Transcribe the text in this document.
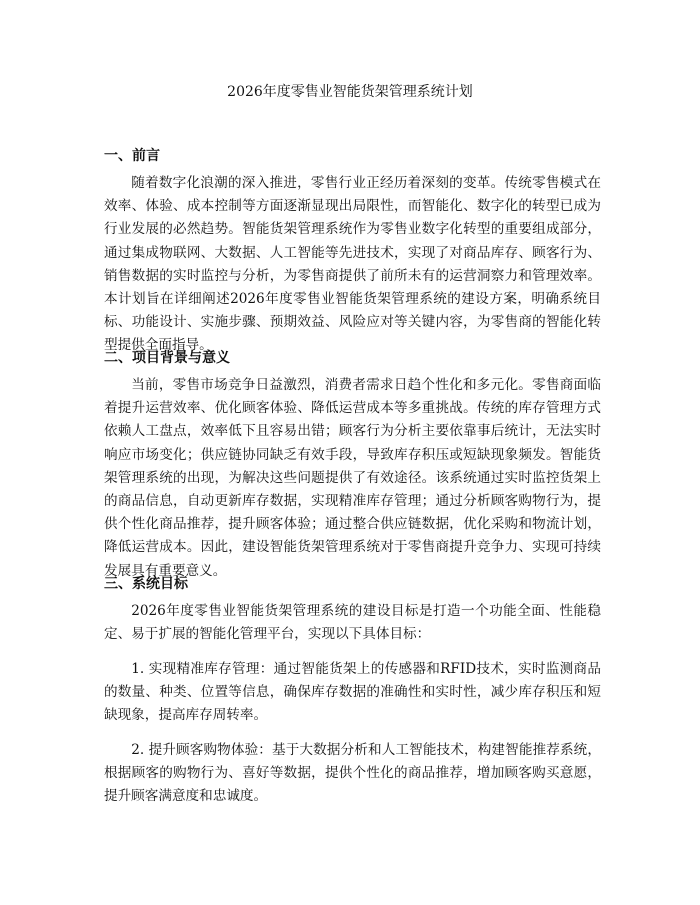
2026年度零售业智能货架管理系统计划
一、前言

随着数字化浪潮的深入推进，零售行业正经历着深刻的变革。传统零售模式在效率、体验、成本控制等方面逐渐显现出局限性，而智能化、数字化的转型已成为行业发展的必然趋势。智能货架管理系统作为零售业数字化转型的重要组成部分，通过集成物联网、大数据、人工智能等先进技术，实现了对商品库存、顾客行为、销售数据的实时监控与分析，为零售商提供了前所未有的运营洞察力和管理效率。本计划旨在详细阐述2026年度零售业智能货架管理系统的建设方案，明确系统目标、功能设计、实施步骤、预期效益、风险应对等关键内容，为零售商的智能化转型提供全面指导。

二、项目背景与意义

当前，零售市场竞争日益激烈，消费者需求日趋个性化和多元化。零售商面临着提升运营效率、优化顾客体验、降低运营成本等多重挑战。传统的库存管理方式依赖人工盘点，效率低下且容易出错；顾客行为分析主要依靠事后统计，无法实时响应市场变化；供应链协同缺乏有效手段，导致库存积压或短缺现象频发。智能货架管理系统的出现，为解决这些问题提供了有效途径。该系统通过实时监控货架上的商品信息，自动更新库存数据，实现精准库存管理；通过分析顾客购物行为，提供个性化商品推荐，提升顾客体验；通过整合供应链数据，优化采购和物流计划，降低运营成本。因此，建设智能货架管理系统对于零售商提升竞争力、实现可持续发展具有重要意义。

三、系统目标

2026年度零售业智能货架管理系统的建设目标是打造一个功能全面、性能稳定、易于扩展的智能化管理平台，实现以下具体目标：

1. 实现精准库存管理：通过智能货架上的传感器和RFID技术，实时监测商品的数量、种类、位置等信息，确保库存数据的准确性和实时性，减少库存积压和短缺现象，提高库存周转率。

2. 提升顾客购物体验：基于大数据分析和人工智能技术，构建智能推荐系统，根据顾客的购物行为、喜好等数据，提供个性化的商品推荐，增加顾客购买意愿，提升顾客满意度和忠诚度。
